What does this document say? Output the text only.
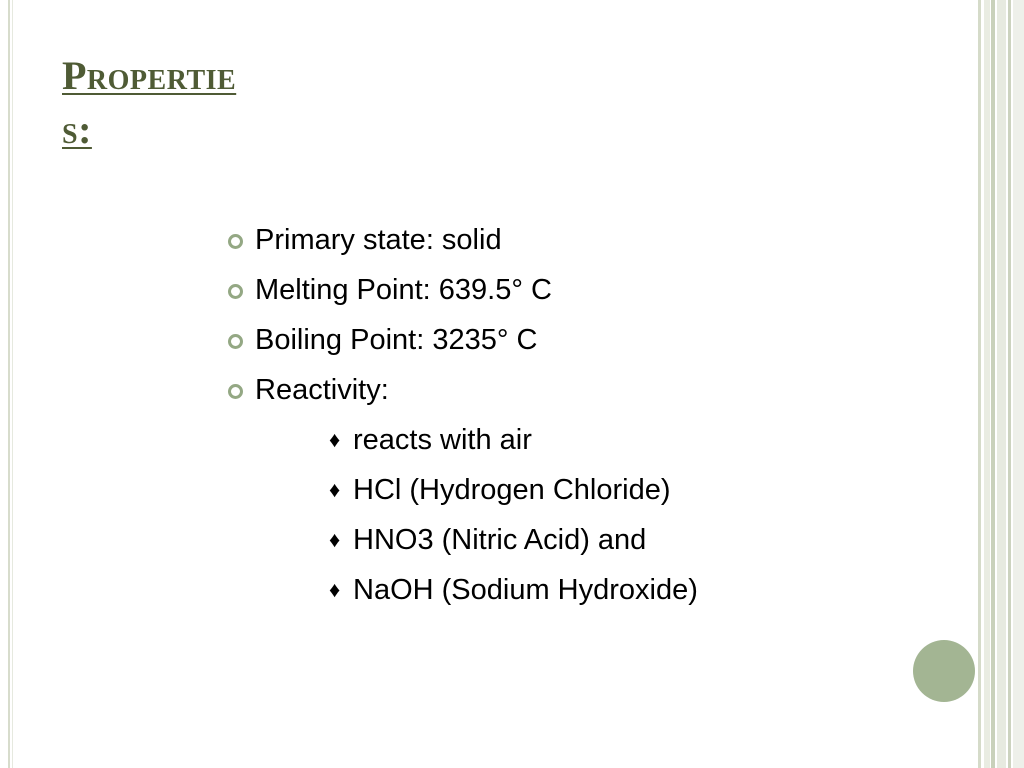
Propertie
s:
Primary state: solid
Melting Point: 639.5° C
Boiling Point: 3235° C
Reactivity:
♦ reacts with air
♦ HCl (Hydrogen Chloride)
♦ HNO3 (Nitric Acid) and
♦ NaOH (Sodium Hydroxide)
